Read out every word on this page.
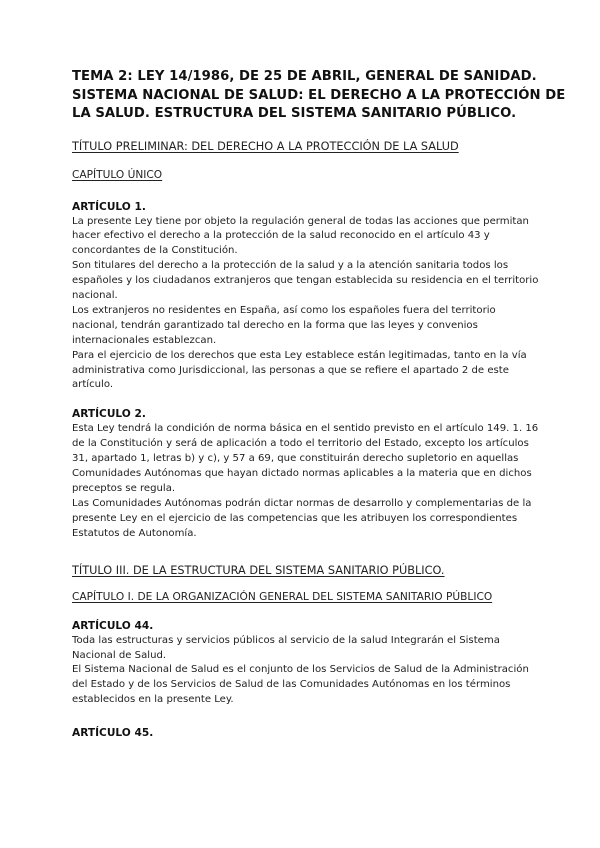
TEMA 2: LEY 14/1986, DE 25 DE ABRIL, GENERAL DE SANIDAD.
SISTEMA NACIONAL DE SALUD: EL DERECHO A LA PROTECCIÓN DE
LA SALUD. ESTRUCTURA DEL SISTEMA SANITARIO PÚBLICO.

TÍTULO PRELIMINAR: DEL DERECHO A LA PROTECCIÓN DE LA SALUD

CAPÍTULO ÚNICO

ARTÍCULO 1.

La presente Ley tiene por objeto la regulación general de todas las acciones que permitan
hacer efectivo el derecho a la protección de la salud reconocido en el artículo 43 y
concordantes de la Constitución.

Son titulares del derecho a la protección de la salud y a la atención sanitaria todos los
españoles y los ciudadanos extranjeros que tengan establecida su residencia en el territorio
nacional.

Los extranjeros no residentes en España, así como los españoles fuera del territorio
nacional, tendrán garantizado tal derecho en la forma que las leyes y convenios
internacionales establezcan.

Para el ejercicio de los derechos que esta Ley establece están legitimadas, tanto en la vía
administrativa como Jurisdiccional, las personas a que se refiere el apartado 2 de este
artículo.

ARTÍCULO 2.

Esta Ley tendrá la condición de norma básica en el sentido previsto en el artículo 149. 1. 16
de la Constitución y será de aplicación a todo el territorio del Estado, excepto los artículos
31, apartado 1, letras b) y c), y 57 a 69, que constituirán derecho supletorio en aquellas
Comunidades Autónomas que hayan dictado normas aplicables a la materia que en dichos
preceptos se regula.

Las Comunidades Autónomas podrán dictar normas de desarrollo y complementarias de la
presente Ley en el ejercicio de las competencias que les atribuyen los correspondientes
Estatutos de Autonomía.

TÍTULO III. DE LA ESTRUCTURA DEL SISTEMA SANITARIO PÚBLICO.

CAPÍTULO I. DE LA ORGANIZACIÓN GENERAL DEL SISTEMA SANITARIO PÚBLICO

ARTÍCULO 44.

Toda las estructuras y servicios públicos al servicio de la salud Integrarán el Sistema
Nacional de Salud.

El Sistema Nacional de Salud es el conjunto de los Servicios de Salud de la Administración
del Estado y de los Servicios de Salud de las Comunidades Autónomas en los términos
establecidos en la presente Ley.

ARTÍCULO 45.
